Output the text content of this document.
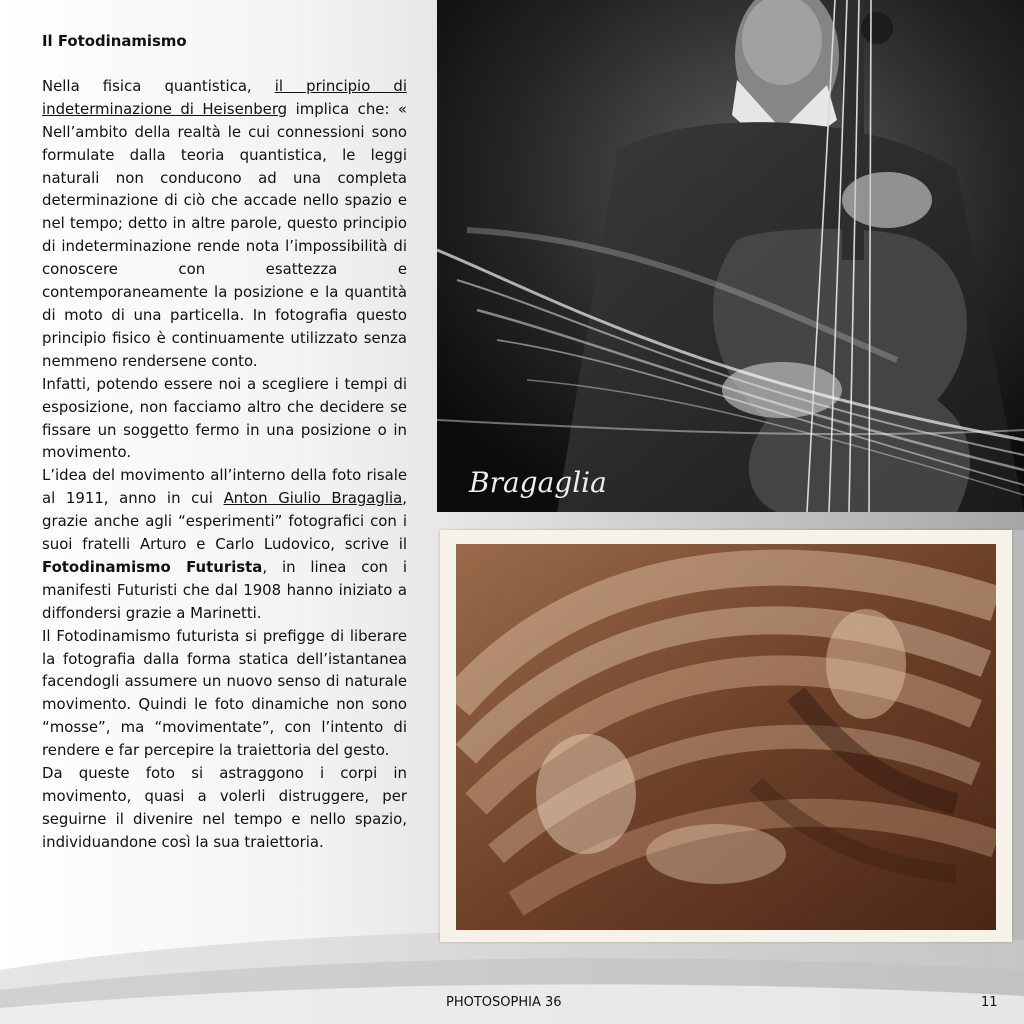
Il Fotodinamismo

Nella fisica quantistica, il principio di indeterminazione di Heisenberg implica che: « Nell’ambito della realtà le cui connessioni sono formulate dalla teoria quantistica, le leggi naturali non conducono ad una completa determinazione di ciò che accade nello spazio e nel tempo; detto in altre parole, questo principio di indeterminazione rende nota l’impossibilità di conoscere con esattezza e contemporaneamente la posizione e la quantità di moto di una particella. In fotografia questo principio fisico è continuamente utilizzato senza nemmeno rendersene conto.

Infatti, potendo essere noi a scegliere i tempi di esposizione, non facciamo altro che decidere se fissare un soggetto fermo in una posizione o in movimento.

L’idea del movimento all’interno della foto risale al 1911, anno in cui Anton Giulio Bragaglia, grazie anche agli “esperimenti” fotografici con i suoi fratelli Arturo e Carlo Ludovico, scrive il Fotodinamismo Futurista, in linea con i manifesti Futuristi che dal 1908 hanno iniziato a diffondersi grazie a Marinetti.

Il Fotodinamismo futurista si prefigge di liberare la fotografia dalla forma statica dell’istantanea facendogli assumere un nuovo senso di naturale movimento. Quindi le foto dinamiche non sono “mosse”, ma “movimentate”, con l’intento di rendere e far percepire la traiettoria del gesto.

Da queste foto si astraggono i corpi in movimento, quasi a volerli distruggere, per seguirne il divenire nel tempo e nello spazio, individuandone così la sua traiettoria.

Bragaglia
PHOTOSOPHIA 36	11
